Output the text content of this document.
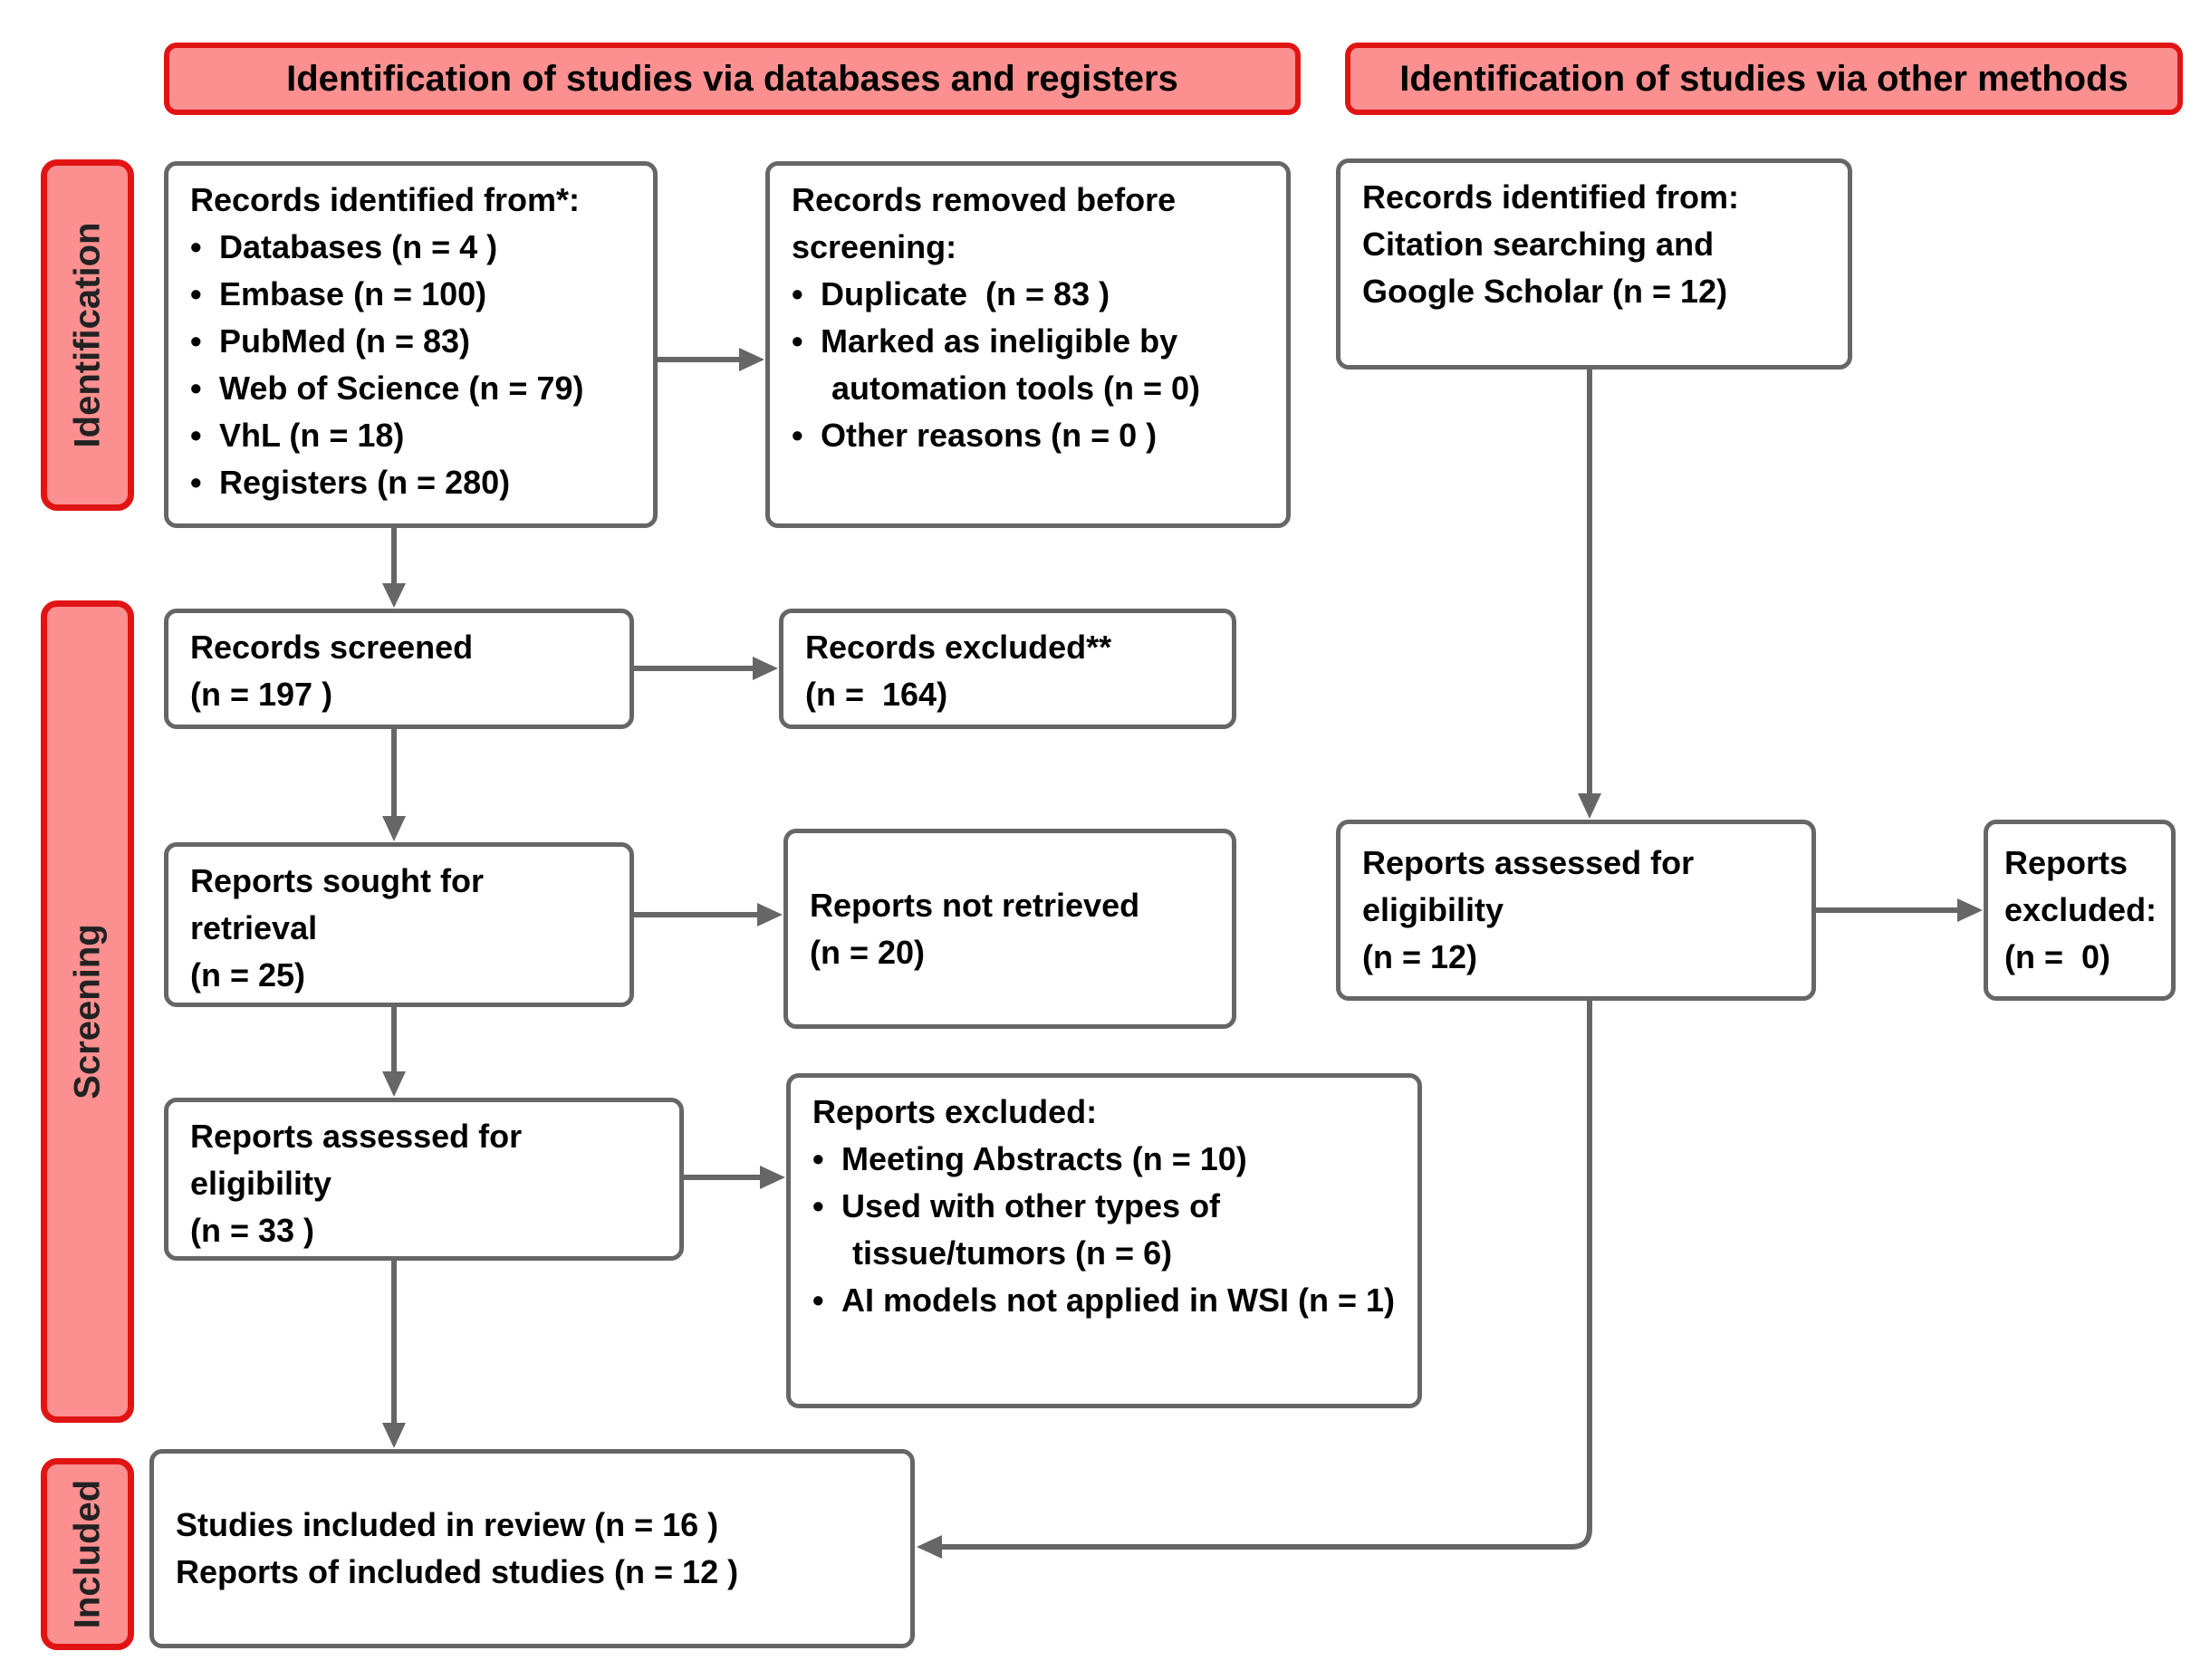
Identification
Screening
Included
Identification of studies via databases and registers	Identification of studies via other methods
Records identified from*:
• Databases (n = 4 )
• Embase (n = 100)
• PubMed (n = 83)
• Web of Science (n = 79)
• VhL (n = 18)
• Registers (n = 280)
Records removed before screening:
• Duplicate  (n = 83 )
• Marked as ineligible by automation tools (n = 0)
• Other reasons (n = 0 )
Records screened
(n = 197 )
Records excluded**
(n =  164)
Reports sought for
retrieval
(n = 25)
Reports not retrieved
(n = 20)
Reports assessed for
eligibility
(n = 33 )
Reports excluded:
• Meeting Abstracts (n = 10)
• Used with other types of tissue/tumors (n = 6)
• AI models not applied in WSI (n = 1)
Records identified from:
Citation searching and
Google Scholar (n = 12)
Reports assessed for
eligibility
(n = 12)
Reports
excluded:
(n =  0)
Studies included in review (n = 16 )
Reports of included studies (n = 12 )
